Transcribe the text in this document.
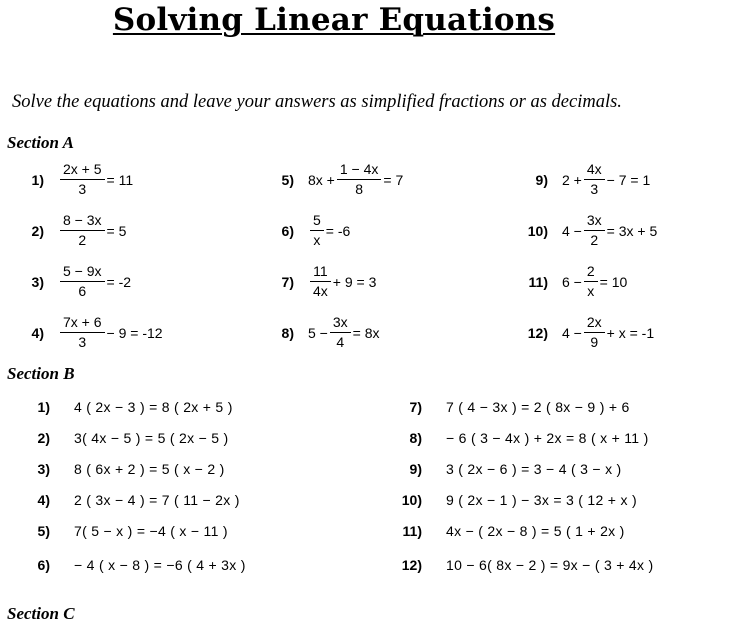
Solving Linear Equations
Solve the equations and leave your answers as simplified fractions or as decimals.
Section A
$1) \frac{2x + 5}{3} = 11$
$2) \frac{8 - 3x}{2} = 5$
$3) \frac{5 - 9x}{6} = -2$
$4) \frac{7x + 6}{3} - 9 = -12$
5) $8x + \frac{1 - 4x}{8} = 7$
$6) \frac{5}{x} = -6$
$7) \frac{11}{4x} + 9 = 3$
8) $5 - \frac{3x}{4} = 8x$
9) $2 + \frac{4x}{3} - 7 = 1$
10) $4 - \frac{3x}{2} = 3x + 5$
11) $6 - \frac{2}{x} = 10$
12) $4 - \frac{2x}{9} + x = -1$
Section B
1) 4 ( 2x − 3 ) = 8 ( 2x + 5 )
2) 3( 4x − 5 ) = 5 ( 2x − 5 )
3) 8 ( 6x + 2 ) = 5 ( x − 2 )
4) 2 ( 3x − 4 ) = 7 ( 11 − 2x )
5) 7( 5 − x ) = −4 ( x − 11 )
6) − 4 ( x − 8 ) = −6 ( 4 + 3x )
7) 7 ( 4 − 3x ) = 2 ( 8x − 9 ) + 6
8) − 6 ( 3 − 4x ) + 2x = 8 ( x + 11 )
9) 3 ( 2x − 6 ) = 3 − 4 ( 3 − x )
10) 9 ( 2x − 1 ) − 3x = 3 ( 12 + x )
11) 4x − ( 2x − 8 ) = 5 ( 1 + 2x )
12) 10 − 6( 8x − 2 ) = 9x − ( 3 + 4x )
Section C
